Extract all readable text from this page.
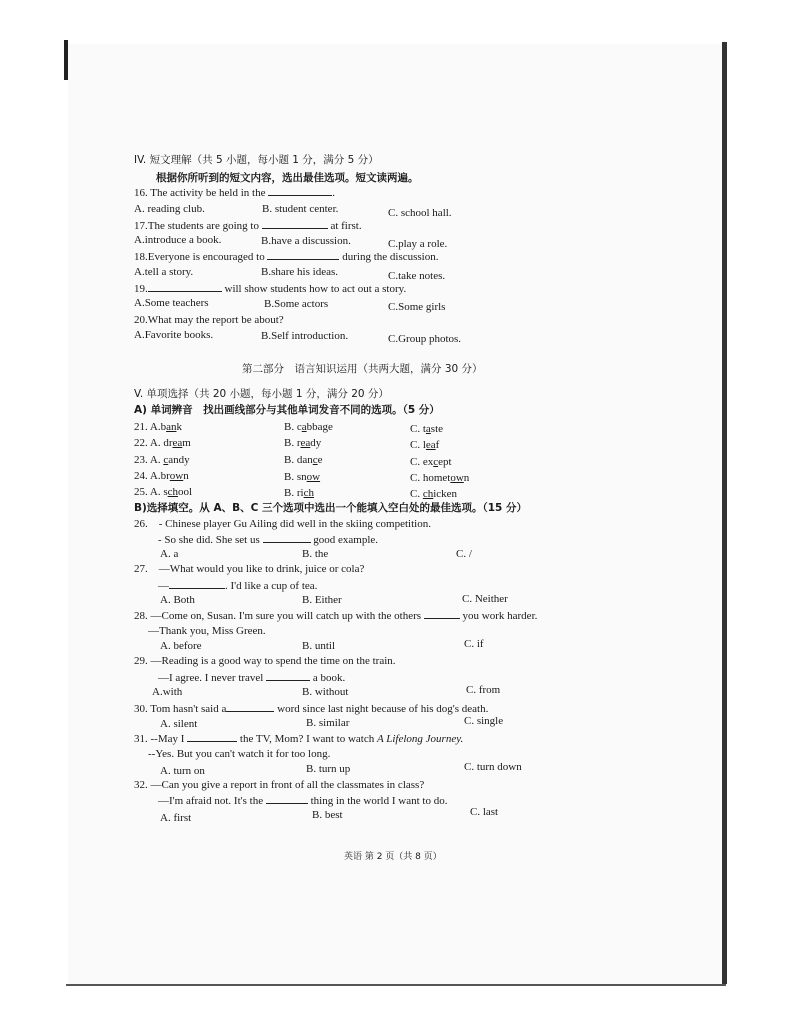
IV. 短文理解（共 5 小题，每小题 1 分，满分 5 分）
根据你所听到的短文内容，选出最佳选项。短文读两遍。
16. The activity be held in the	.
A. reading club.	B. student center.	C. school hall.
17.The students are going to	at first.
A.introduce a book.	B.have a discussion.	C.play a role.
18.Everyone is encouraged to	during the discussion.
A.tell a story.	B.share his ideas.	C.take notes.
19.	will show students how to act out a story.
A.Some teachers	B.Some actors	C.Some girls
20.What may the report be about?
A.Favorite books.	B.Self introduction.	C.Group photos.
第二部分　语言知识运用（共两大题，满分 30 分）
V. 单项选择（共 20 小题，每小题 1 分，满分 20 分）
A) 单词辨音　找出画线部分与其他单词发音不同的选项。（5 分）
21. A.bank	B. cabbage	C. taste
22. A. dream	B. ready	C. leaf
23. A. candy	B. dance	C. except
24. A.brown	B. snow	C. hometown
25. A. school	B. rich	C. chicken
B)选择填空。从 A、B、C 三个选项中选出一个能填入空白处的最佳选项。（15 分）
26.　- Chinese player Gu Ailing did well in the skiing competition.
- So she did. She set us	good example.
A. a	B. the	C. /
27.　—What would you like to drink, juice or cola?
—	. I'd like a cup of tea.
A. Both	B. Either	C. Neither
28. —Come on, Susan. I'm sure you will catch up with the others	you work harder.
—Thank you, Miss Green.
A. before	B. until	C. if
29. —Reading is a good way to spend the time on the train.
—I agree. I never travel	a book.
A.with	B. without	C. from
30. Tom hasn't said a	word since last night because of his dog's death.
A. silent	B. similar	C. single
31. --May I	the TV, Mom? I want to watch A Lifelong Journey.
--Yes. But you can't watch it for too long.
A. turn on	B. turn up	C. turn down
32. —Can you give a report in front of all the classmates in class?
—I'm afraid not. It's the	thing in the world I want to do.
A. first	B. best	C. last
英语 第 2 页（共 8 页）
